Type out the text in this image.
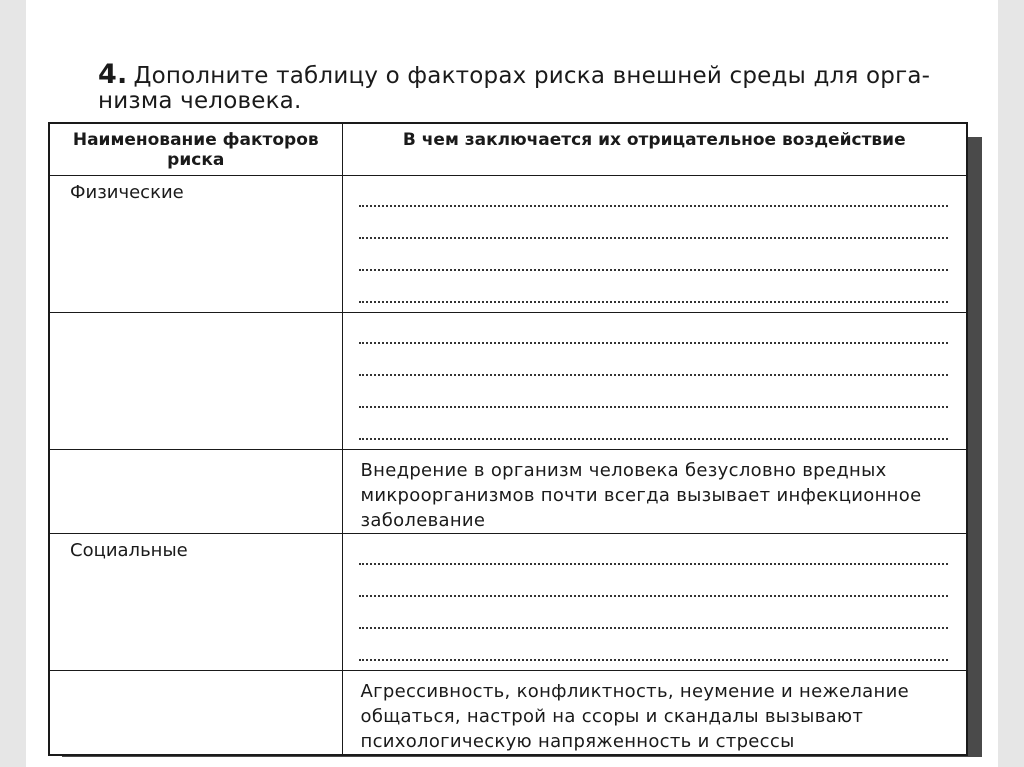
4. Дополните таблицу о факторах риска внешней среды для орга-
низма человека.
Наименование факторов риска	В чем заключается их отрицательное воздействие
Физические	

	Внедрение в организм человека безусловно вредных микроорганизмов почти всегда вызывает инфекционное заболевание
Социальные	

	Агрессивность, конфликтность, неумение и нежелание общаться, настрой на ссоры и скандалы вызывают психологическую напряженность и стрессы
